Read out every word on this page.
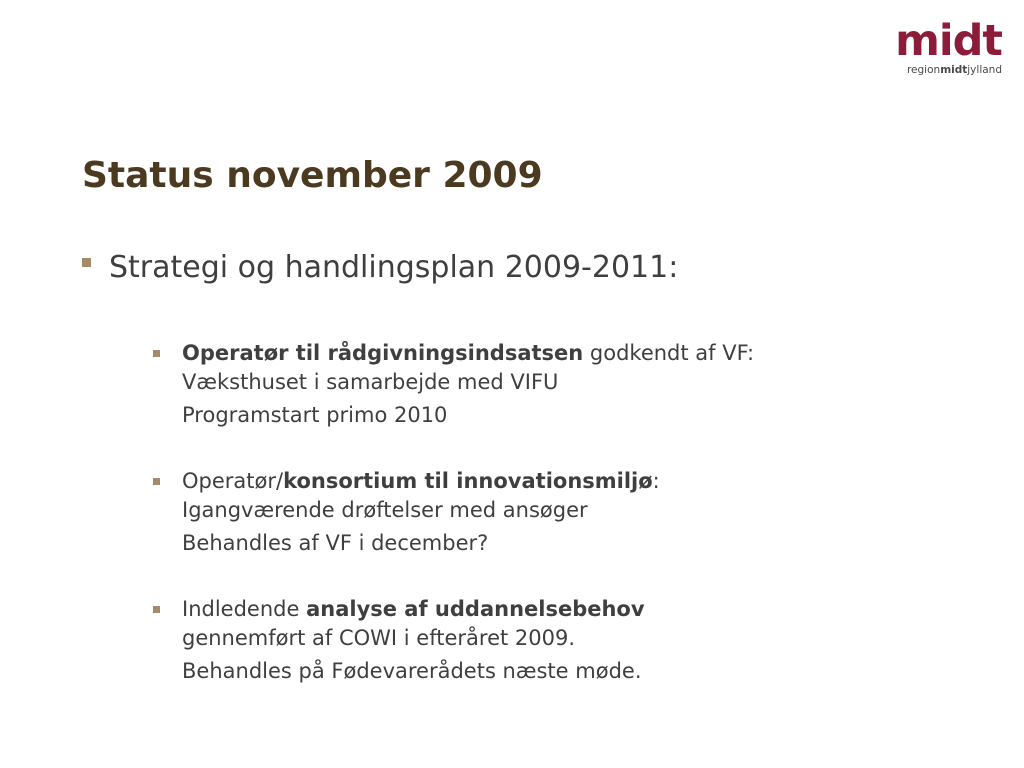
midt
regionmidtjylland
Status november 2009
Strategi og handlingsplan 2009-2011:
Operatør til rådgivningsindsatsen godkendt af VF:
Væksthuset i samarbejde med VIFU
Programstart primo 2010
Operatør/konsortium til innovationsmiljø:
Igangværende drøftelser med ansøger
Behandles af VF i december?
Indledende analyse af uddannelsebehov
gennemført af COWI i efteråret 2009.
Behandles på Fødevarerådets næste møde.
